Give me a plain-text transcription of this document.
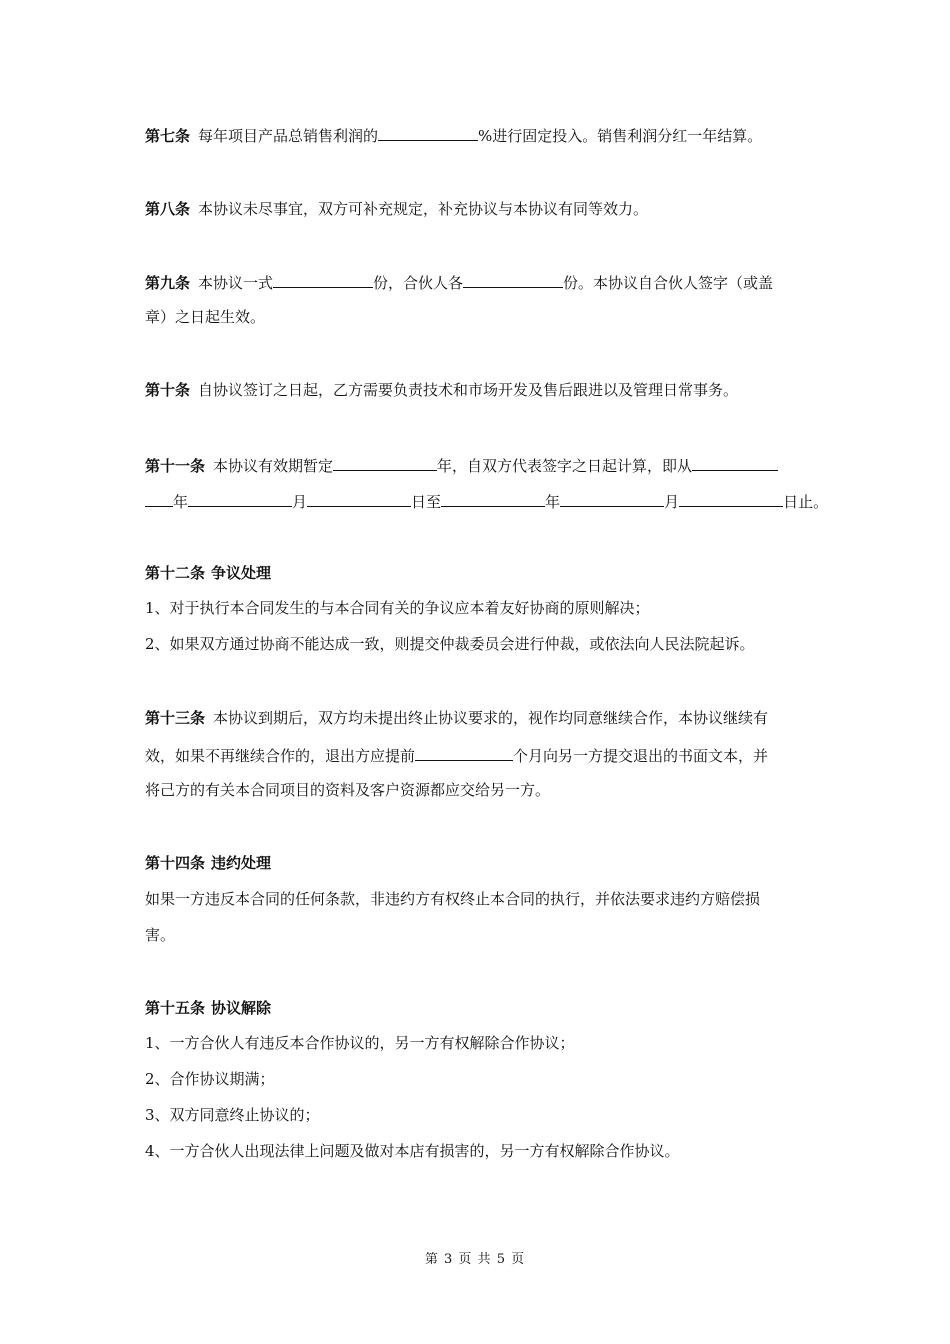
第七条 每年项目产品总销售利润的	%进行固定投入。销售利润分红一年结算。
第八条 本协议未尽事宜，双方可补充规定，补充协议与本协议有同等效力。
第九条 本协议一式	份，合伙人各	份。本协议自合伙人签字（或盖
章）之日起生效。
第十条 自协议签订之日起，乙方需要负责技术和市场开发及售后跟进以及管理日常事务。
第十一条 本协议有效期暂定	年，自双方代表签字之日起计算，即从
年	月	日至	年	月	日止。
第十二条 争议处理
1、对于执行本合同发生的与本合同有关的争议应本着友好协商的原则解决；
2、如果双方通过协商不能达成一致，则提交仲裁委员会进行仲裁，或依法向人民法院起诉。
第十三条 本协议到期后，双方均未提出终止协议要求的，视作均同意继续合作，本协议继续有
效，如果不再继续合作的，退出方应提前	个月向另一方提交退出的书面文本，并
将己方的有关本合同项目的资料及客户资源都应交给另一方。
第十四条 违约处理
如果一方违反本合同的任何条款，非违约方有权终止本合同的执行，并依法要求违约方赔偿损
害。
第十五条 协议解除
1、一方合伙人有违反本合作协议的，另一方有权解除合作协议；
2、合作协议期满；
3、双方同意终止协议的；
4、一方合伙人出现法律上问题及做对本店有损害的，另一方有权解除合作协议。
第 3 页 共 5 页
